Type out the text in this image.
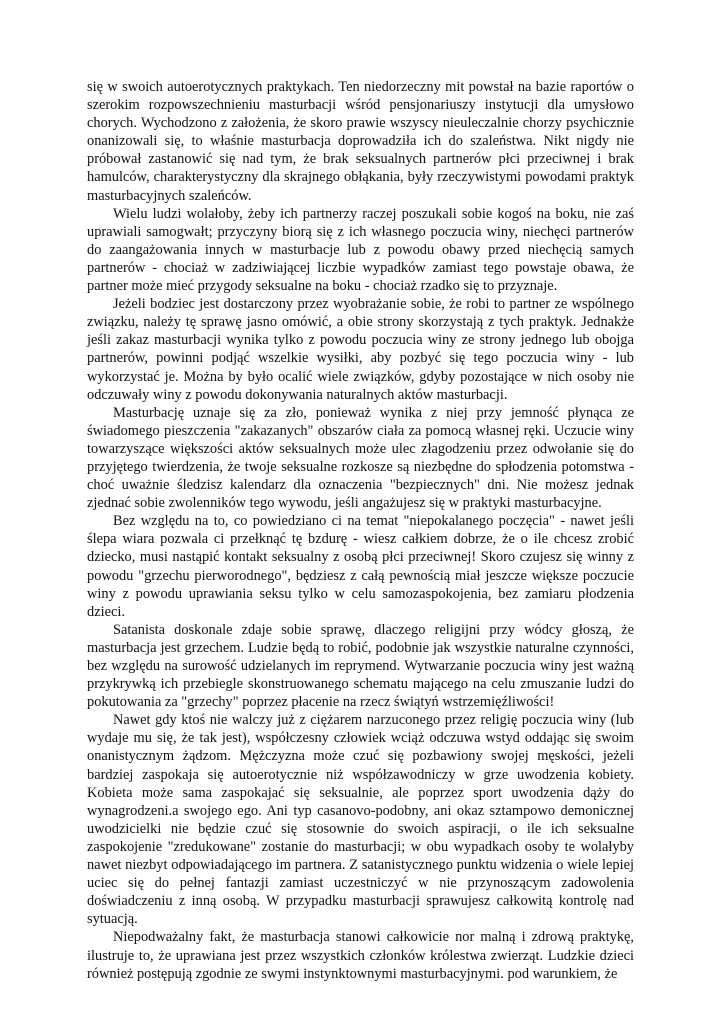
się w swoich autoerotycznych praktykach. Ten niedorzeczny mit powstał na bazie raportów o szerokim rozpowszechnieniu masturbacji wśród pensjonariuszy instytucji dla umysłowo chorych. Wychodzono z założenia, że skoro prawie wszyscy nieuleczalnie chorzy psychicznie onanizowali się, to właśnie masturbacja doprowadziła ich do szaleństwa. Nikt nigdy nie próbował zastanowić się nad tym, że brak seksualnych partnerów płci przeciwnej i brak hamulców, charakterystyczny dla skrajnego obłąkania, były rzeczywistymi powodami praktyk masturbacyjnych szaleńców.

Wielu ludzi wolałoby, żeby ich partnerzy raczej poszukali sobie kogoś na boku, nie zaś uprawiali samogwałt; przyczyny biorą się z ich własnego poczucia winy, niechęci partnerów do zaangażowania innych w masturbacje lub z powodu obawy przed niechęcią samych partnerów - chociaż w zadziwiającej liczbie wypadków zamiast tego powstaje obawa, że partner może mieć przygody seksualne na boku - chociaż rzadko się to przyznaje.

Jeżeli bodziec jest dostarczony przez wyobrażanie sobie, że robi to partner ze wspólnego związku, należy tę sprawę jasno omówić, a obie strony skorzystają z tych praktyk. Jednakże jeśli zakaz masturbacji wynika tylko z powodu poczucia winy ze strony jednego lub obojga partnerów, powinni podjąć wszelkie wysiłki, aby pozbyć się tego poczucia winy - lub wykorzystać je. Można by było ocalić wiele związków, gdyby pozostające w nich osoby nie odczuwały winy z powodu dokonywania naturalnych aktów masturbacji.

Masturbację uznaje się za zło, ponieważ wynika z niej przy jemność płynąca ze świadomego pieszczenia "zakazanych" obszarów ciała za pomocą własnej ręki. Uczucie winy towarzyszące większości aktów seksualnych może ulec złagodzeniu przez odwołanie się do przyjętego twierdzenia, że twoje seksualne rozkosze są niezbędne do spłodzenia potomstwa - choć uważnie śledzisz kalendarz dla oznaczenia "bezpiecznych" dni. Nie możesz jednak zjednać sobie zwolenników tego wywodu, jeśli angażujesz się w praktyki masturbacyjne.

Bez względu na to, co powiedziano ci na temat "niepokalanego poczęcia" - nawet jeśli ślepa wiara pozwala ci przełknąć tę bzdurę - wiesz całkiem dobrze, że o ile chcesz zrobić dziecko, musi nastąpić kontakt seksualny z osobą płci przeciwnej! Skoro czujesz się winny z powodu "grzechu pierworodnego", będziesz z całą pewnością miał jeszcze większe poczucie winy z powodu uprawiania seksu tylko w celu samozaspokojenia, bez zamiaru płodzenia dzieci.

Satanista doskonale zdaje sobie sprawę, dlaczego religijni przy wódcy głoszą, że masturbacja jest grzechem. Ludzie będą to robić, podobnie jak wszystkie naturalne czynności, bez względu na surowość udzielanych im reprymend. Wytwarzanie poczucia winy jest ważną przykrywką ich przebiegle skonstruowanego schematu mającego na celu zmuszanie ludzi do pokutowania za "grzechy" poprzez płacenie na rzecz świątyń wstrzemięźliwości!

Nawet gdy ktoś nie walczy już z ciężarem narzuconego przez religię poczucia winy (lub wydaje mu się, że tak jest), współczesny człowiek wciąż odczuwa wstyd oddając się swoim onanistycznym żądzom. Mężczyzna może czuć się pozbawiony swojej męskości, jeżeli bardziej zaspokaja się autoerotycznie niż współzawodniczy w grze uwodzenia kobiety. Kobieta może sama zaspokajać się seksualnie, ale poprzez sport uwodzenia dąży do wynagrodzeni.a swojego ego. Ani typ casanovo-podobny, ani okaz sztampowo demonicznej uwodzicielki nie będzie czuć się stosownie do swoich aspiracji, o ile ich seksualne zaspokojenie "zredukowane" zostanie do masturbacji; w obu wypadkach osoby te wolałyby nawet niezbyt odpowiadającego im partnera. Z satanistycznego punktu widzenia o wiele lepiej uciec się do pełnej fantazji zamiast uczestniczyć w nie przynoszącym zadowolenia doświadczeniu z inną osobą. W przypadku masturbacji sprawujesz całkowitą kontrolę nad sytuacją.

Niepodważalny fakt, że masturbacja stanowi całkowicie nor malną i zdrową praktykę, ilustruje to, że uprawiana jest przez wszystkich członków królestwa zwierząt. Ludzkie dzieci również postępują zgodnie ze swymi instynktownymi masturbacyjnymi. pod warunkiem, że
